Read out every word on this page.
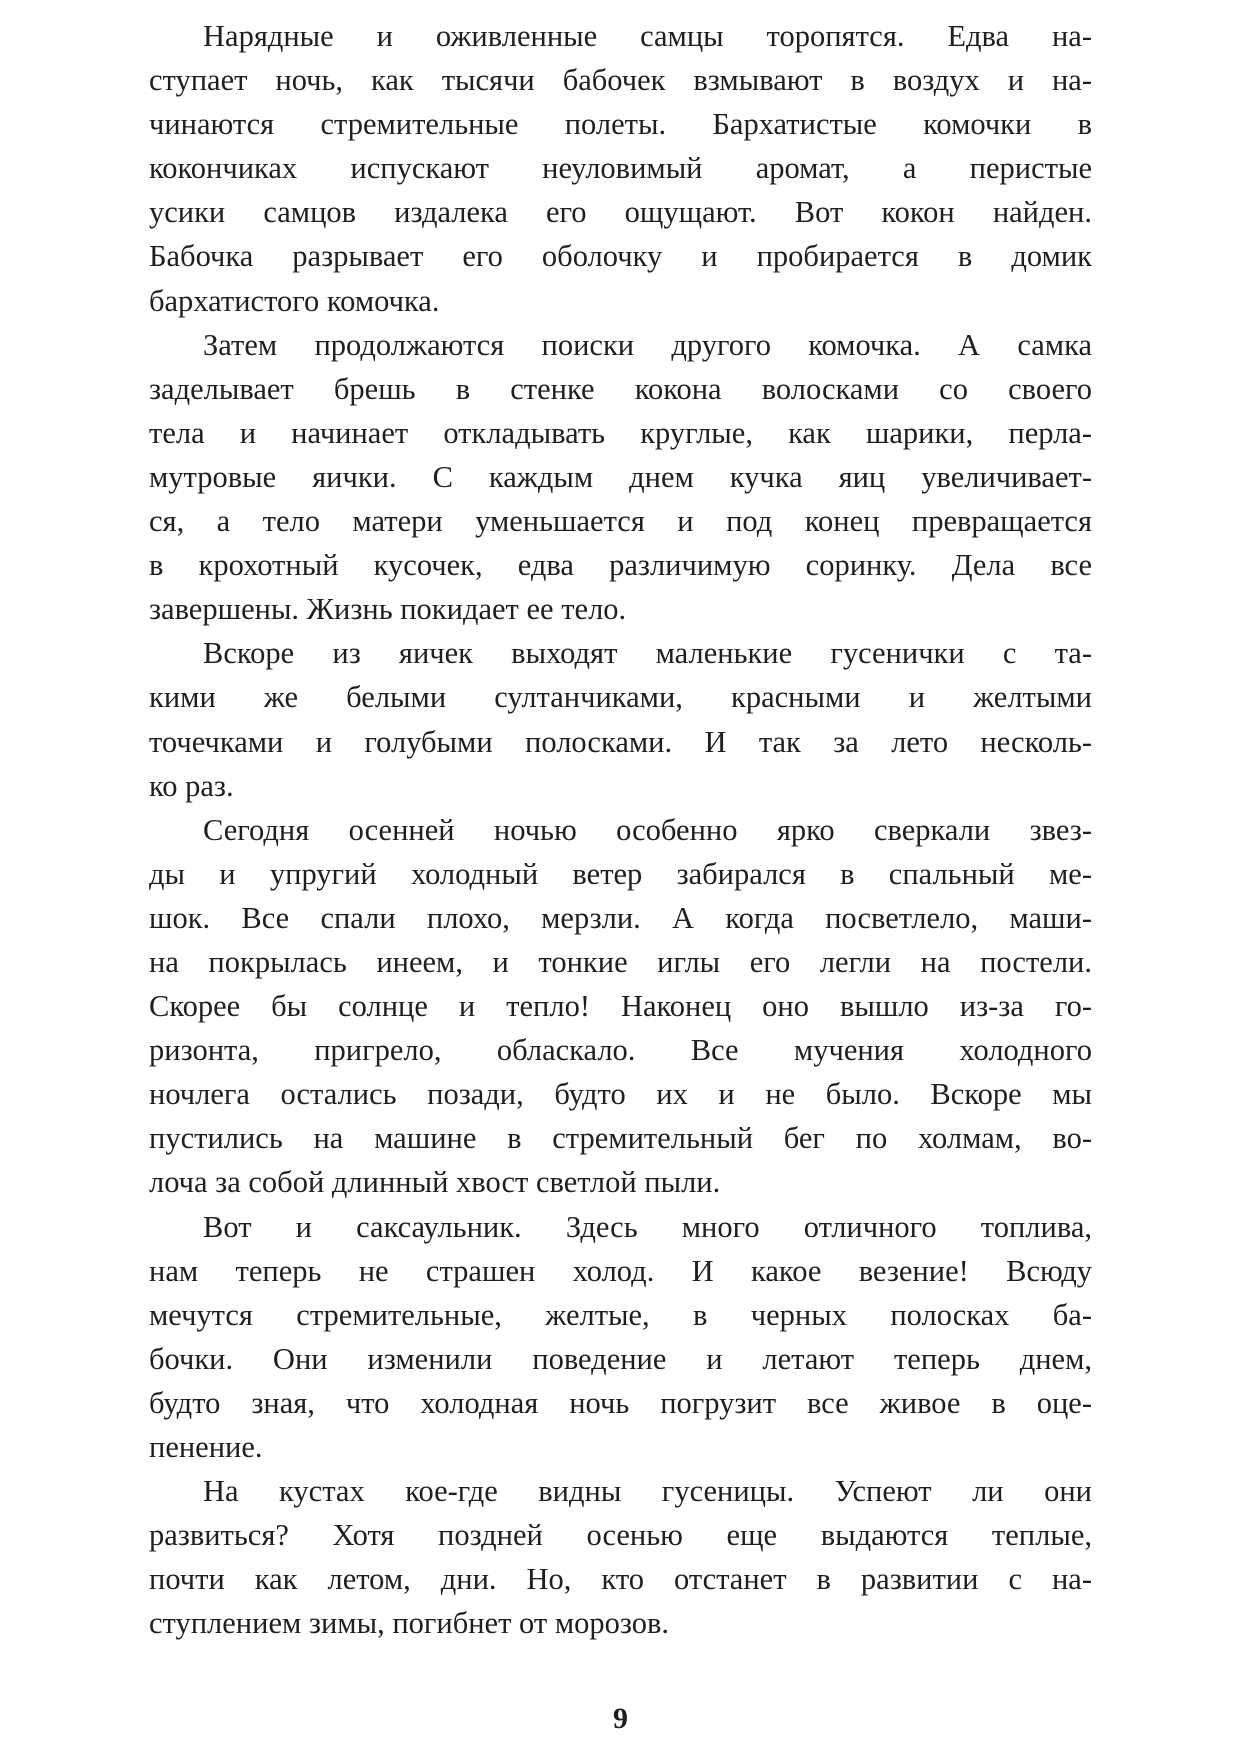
Нарядные и оживленные самцы торопятся. Едва на-
ступает ночь, как тысячи бабочек взмывают в воздух и на-
чинаются стремительные полеты. Бархатистые комочки в
кокончиках испускают неуловимый аромат, а перистые
усики самцов издалека его ощущают. Вот кокон найден.
Бабочка разрывает его оболочку и пробирается в домик
бархатистого комочка.
Затем продолжаются поиски другого комочка. А самка
заделывает брешь в стенке кокона волосками со своего
тела и начинает откладывать круглые, как шарики, перла-
мутровые яички. С каждым днем кучка яиц увеличивает-
ся, а тело матери уменьшается и под конец превращается
в крохотный кусочек, едва различимую соринку. Дела все
завершены. Жизнь покидает ее тело.
Вскоре из яичек выходят маленькие гусенички с та-
кими же белыми султанчиками, красными и желтыми
точечками и голубыми полосками. И так за лето несколь-
ко раз.
Сегодня осенней ночью особенно ярко сверкали звез-
ды и упругий холодный ветер забирался в спальный ме-
шок. Все спали плохо, мерзли. А когда посветлело, маши-
на покрылась инеем, и тонкие иглы его легли на постели.
Скорее бы солнце и тепло! Наконец оно вышло из-за го-
ризонта, пригрело, обласкало. Все мучения холодного
ночлега остались позади, будто их и не было. Вскоре мы
пустились на машине в стремительный бег по холмам, во-
лоча за собой длинный хвост светлой пыли.
Вот и саксаульник. Здесь много отличного топлива,
нам теперь не страшен холод. И какое везение! Всюду
мечутся стремительные, желтые, в черных полосках ба-
бочки. Они изменили поведение и летают теперь днем,
будто зная, что холодная ночь погрузит все живое в оце-
пенение.
На кустах кое-где видны гусеницы. Успеют ли они
развиться? Хотя поздней осенью еще выдаются теплые,
почти как летом, дни. Но, кто отстанет в развитии с на-
ступлением зимы, погибнет от морозов.
9
